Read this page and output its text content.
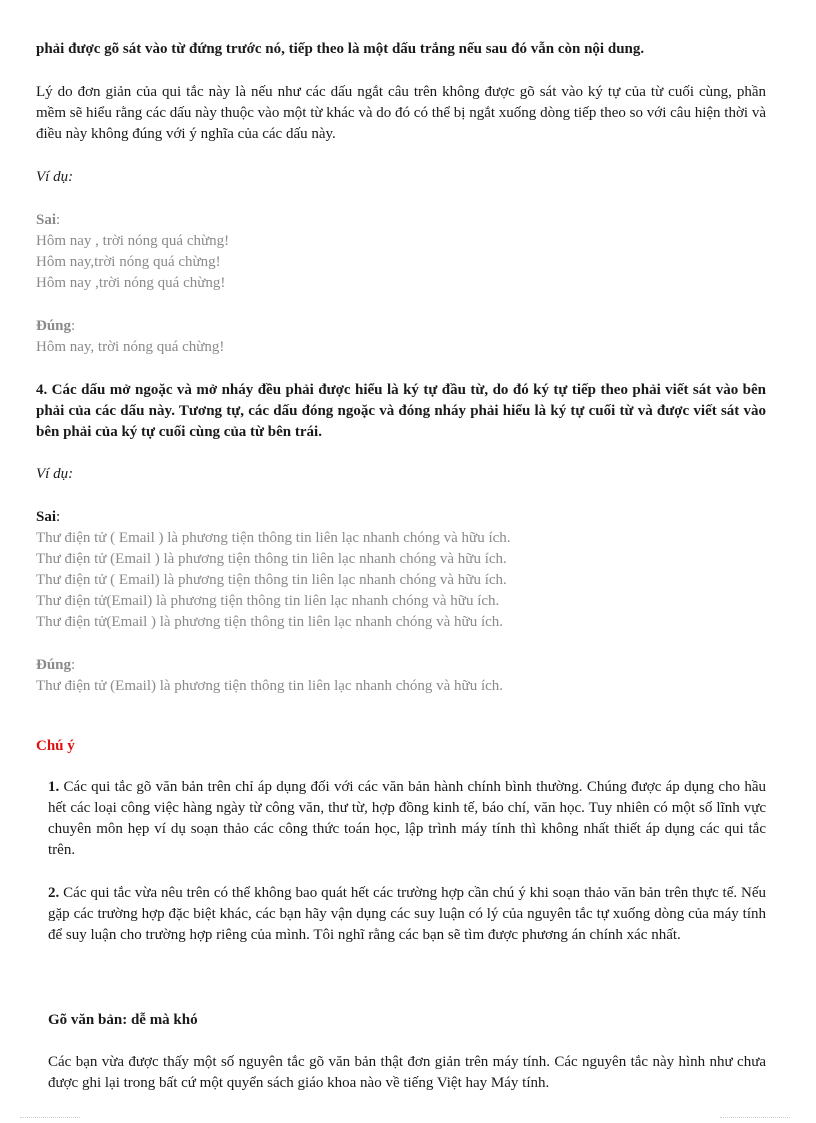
phải được gõ sát vào từ đứng trước nó, tiếp theo là một dấu trắng nếu sau đó vẫn còn nội dung.
Lý do đơn giản của qui tắc này là nếu như các dấu ngắt câu trên không được gõ sát vào ký tự của từ cuối cùng, phần mềm sẽ hiểu rằng các dấu này thuộc vào một từ khác và do đó có thể bị ngắt xuống dòng tiếp theo so với câu hiện thời và điều này không đúng với ý nghĩa của các dấu này.
Ví dụ:
Sai:
Hôm nay , trời nóng quá chừng!
Hôm nay,trời nóng quá chừng!
Hôm nay ,trời nóng quá chừng!
Đúng:
Hôm nay, trời nóng quá chừng!
4. Các dấu mở ngoặc và mở nháy đều phải được hiểu là ký tự đầu từ, do đó ký tự tiếp theo phải viết sát vào bên phải của các dấu này. Tương tự, các dấu đóng ngoặc và đóng nháy phải hiểu là ký tự cuối từ và được viết sát vào bên phải của ký tự cuối cùng của từ bên trái.
Ví dụ:
Sai:
Thư điện tử ( Email ) là phương tiện thông tin liên lạc nhanh chóng và hữu ích.
Thư điện tử (Email ) là phương tiện thông tin liên lạc nhanh chóng và hữu ích.
Thư điện tử ( Email) là phương tiện thông tin liên lạc nhanh chóng và hữu ích.
Thư điện tử(Email) là phương tiện thông tin liên lạc nhanh chóng và hữu ích.
Thư điện tử(Email ) là phương tiện thông tin liên lạc nhanh chóng và hữu ích.
Đúng:
Thư điện tử (Email) là phương tiện thông tin liên lạc nhanh chóng và hữu ích.
Chú ý
1. Các qui tắc gõ văn bản trên chỉ áp dụng đối với các văn bản hành chính bình thường. Chúng được áp dụng cho hầu hết các loại công việc hàng ngày từ công văn, thư từ, hợp đồng kinh tế, báo chí, văn học. Tuy nhiên có một số lĩnh vực chuyên môn hẹp ví dụ soạn thảo các công thức toán học, lập trình máy tính thì không nhất thiết áp dụng các qui tắc trên.
2. Các qui tắc vừa nêu trên có thể không bao quát hết các trường hợp cần chú ý khi soạn thảo văn bản trên thực tế. Nếu gặp các trường hợp đặc biệt khác, các bạn hãy vận dụng các suy luận có lý của nguyên tắc tự xuống dòng của máy tính để suy luận cho trường hợp riêng của mình. Tôi nghĩ rằng các bạn sẽ tìm được phương án chính xác nhất.
Gõ văn bản: dễ mà khó
Các bạn vừa được thấy một số nguyên tắc gõ văn bản thật đơn giản trên máy tính. Các nguyên tắc này hình như chưa được ghi lại trong bất cứ một quyển sách giáo khoa nào về tiếng Việt hay Máy tính.
